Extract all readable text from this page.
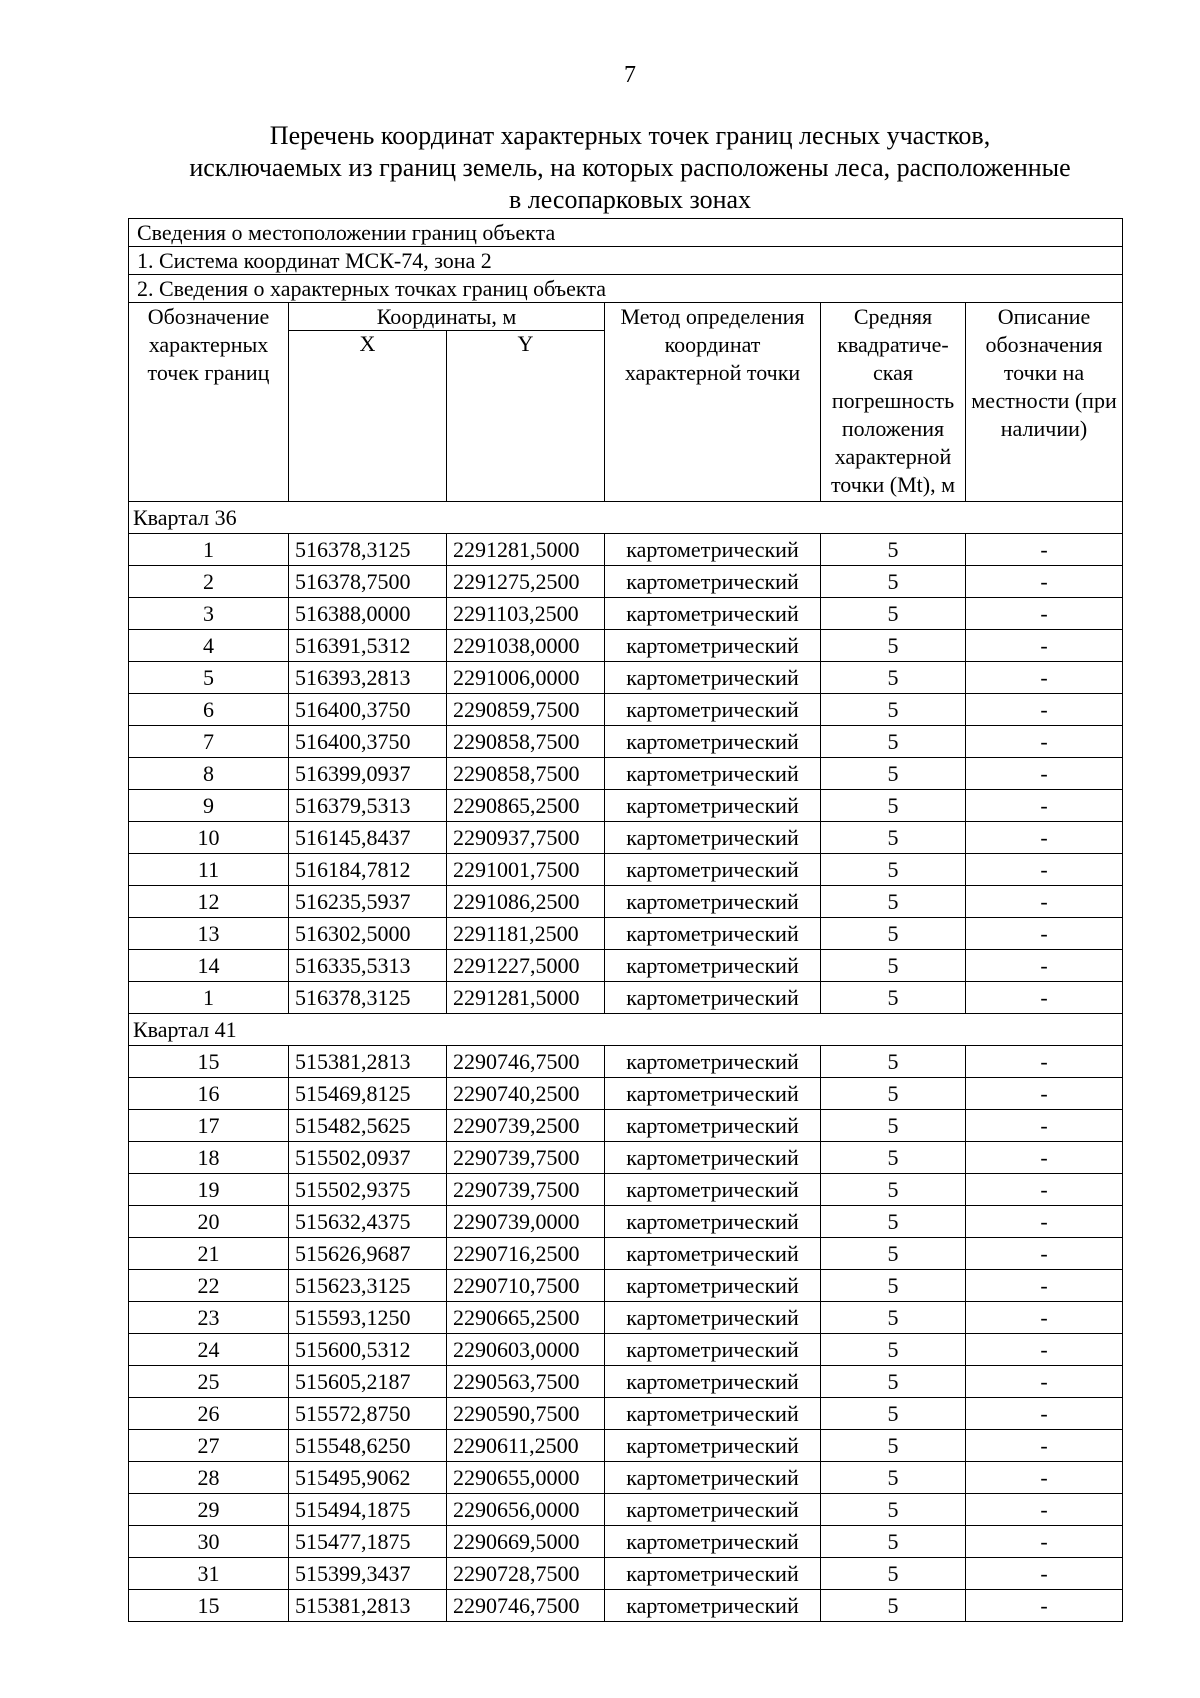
7
Перечень координат характерных точек границ лесных участков,
исключаемых из границ земель, на которых расположены леса, расположенные
в лесопарковых зонах
Сведения о местоположении границ объекта					
1. Система координат МСК-74, зона 2					
2. Сведения о характерных точках границ объекта					
Обозначение характерных точек границ	Координаты, м		Метод определения координат характерной точки	Средняя квадратиче-ская погрешность положения характерной точки (Mt), м	Описание обозначения точки на местности (при наличии)
	X	Y			
Квартал 36					
1	516378,3125	2291281,5000	картометрический	5	-
2	516378,7500	2291275,2500	картометрический	5	-
3	516388,0000	2291103,2500	картометрический	5	-
4	516391,5312	2291038,0000	картометрический	5	-
5	516393,2813	2291006,0000	картометрический	5	-
6	516400,3750	2290859,7500	картометрический	5	-
7	516400,3750	2290858,7500	картометрический	5	-
8	516399,0937	2290858,7500	картометрический	5	-
9	516379,5313	2290865,2500	картометрический	5	-
10	516145,8437	2290937,7500	картометрический	5	-
11	516184,7812	2291001,7500	картометрический	5	-
12	516235,5937	2291086,2500	картометрический	5	-
13	516302,5000	2291181,2500	картометрический	5	-
14	516335,5313	2291227,5000	картометрический	5	-
1	516378,3125	2291281,5000	картометрический	5	-
Квартал 41					
15	515381,2813	2290746,7500	картометрический	5	-
16	515469,8125	2290740,2500	картометрический	5	-
17	515482,5625	2290739,2500	картометрический	5	-
18	515502,0937	2290739,7500	картометрический	5	-
19	515502,9375	2290739,7500	картометрический	5	-
20	515632,4375	2290739,0000	картометрический	5	-
21	515626,9687	2290716,2500	картометрический	5	-
22	515623,3125	2290710,7500	картометрический	5	-
23	515593,1250	2290665,2500	картометрический	5	-
24	515600,5312	2290603,0000	картометрический	5	-
25	515605,2187	2290563,7500	картометрический	5	-
26	515572,8750	2290590,7500	картометрический	5	-
27	515548,6250	2290611,2500	картометрический	5	-
28	515495,9062	2290655,0000	картометрический	5	-
29	515494,1875	2290656,0000	картометрический	5	-
30	515477,1875	2290669,5000	картометрический	5	-
31	515399,3437	2290728,7500	картометрический	5	-
15	515381,2813	2290746,7500	картометрический	5	-
